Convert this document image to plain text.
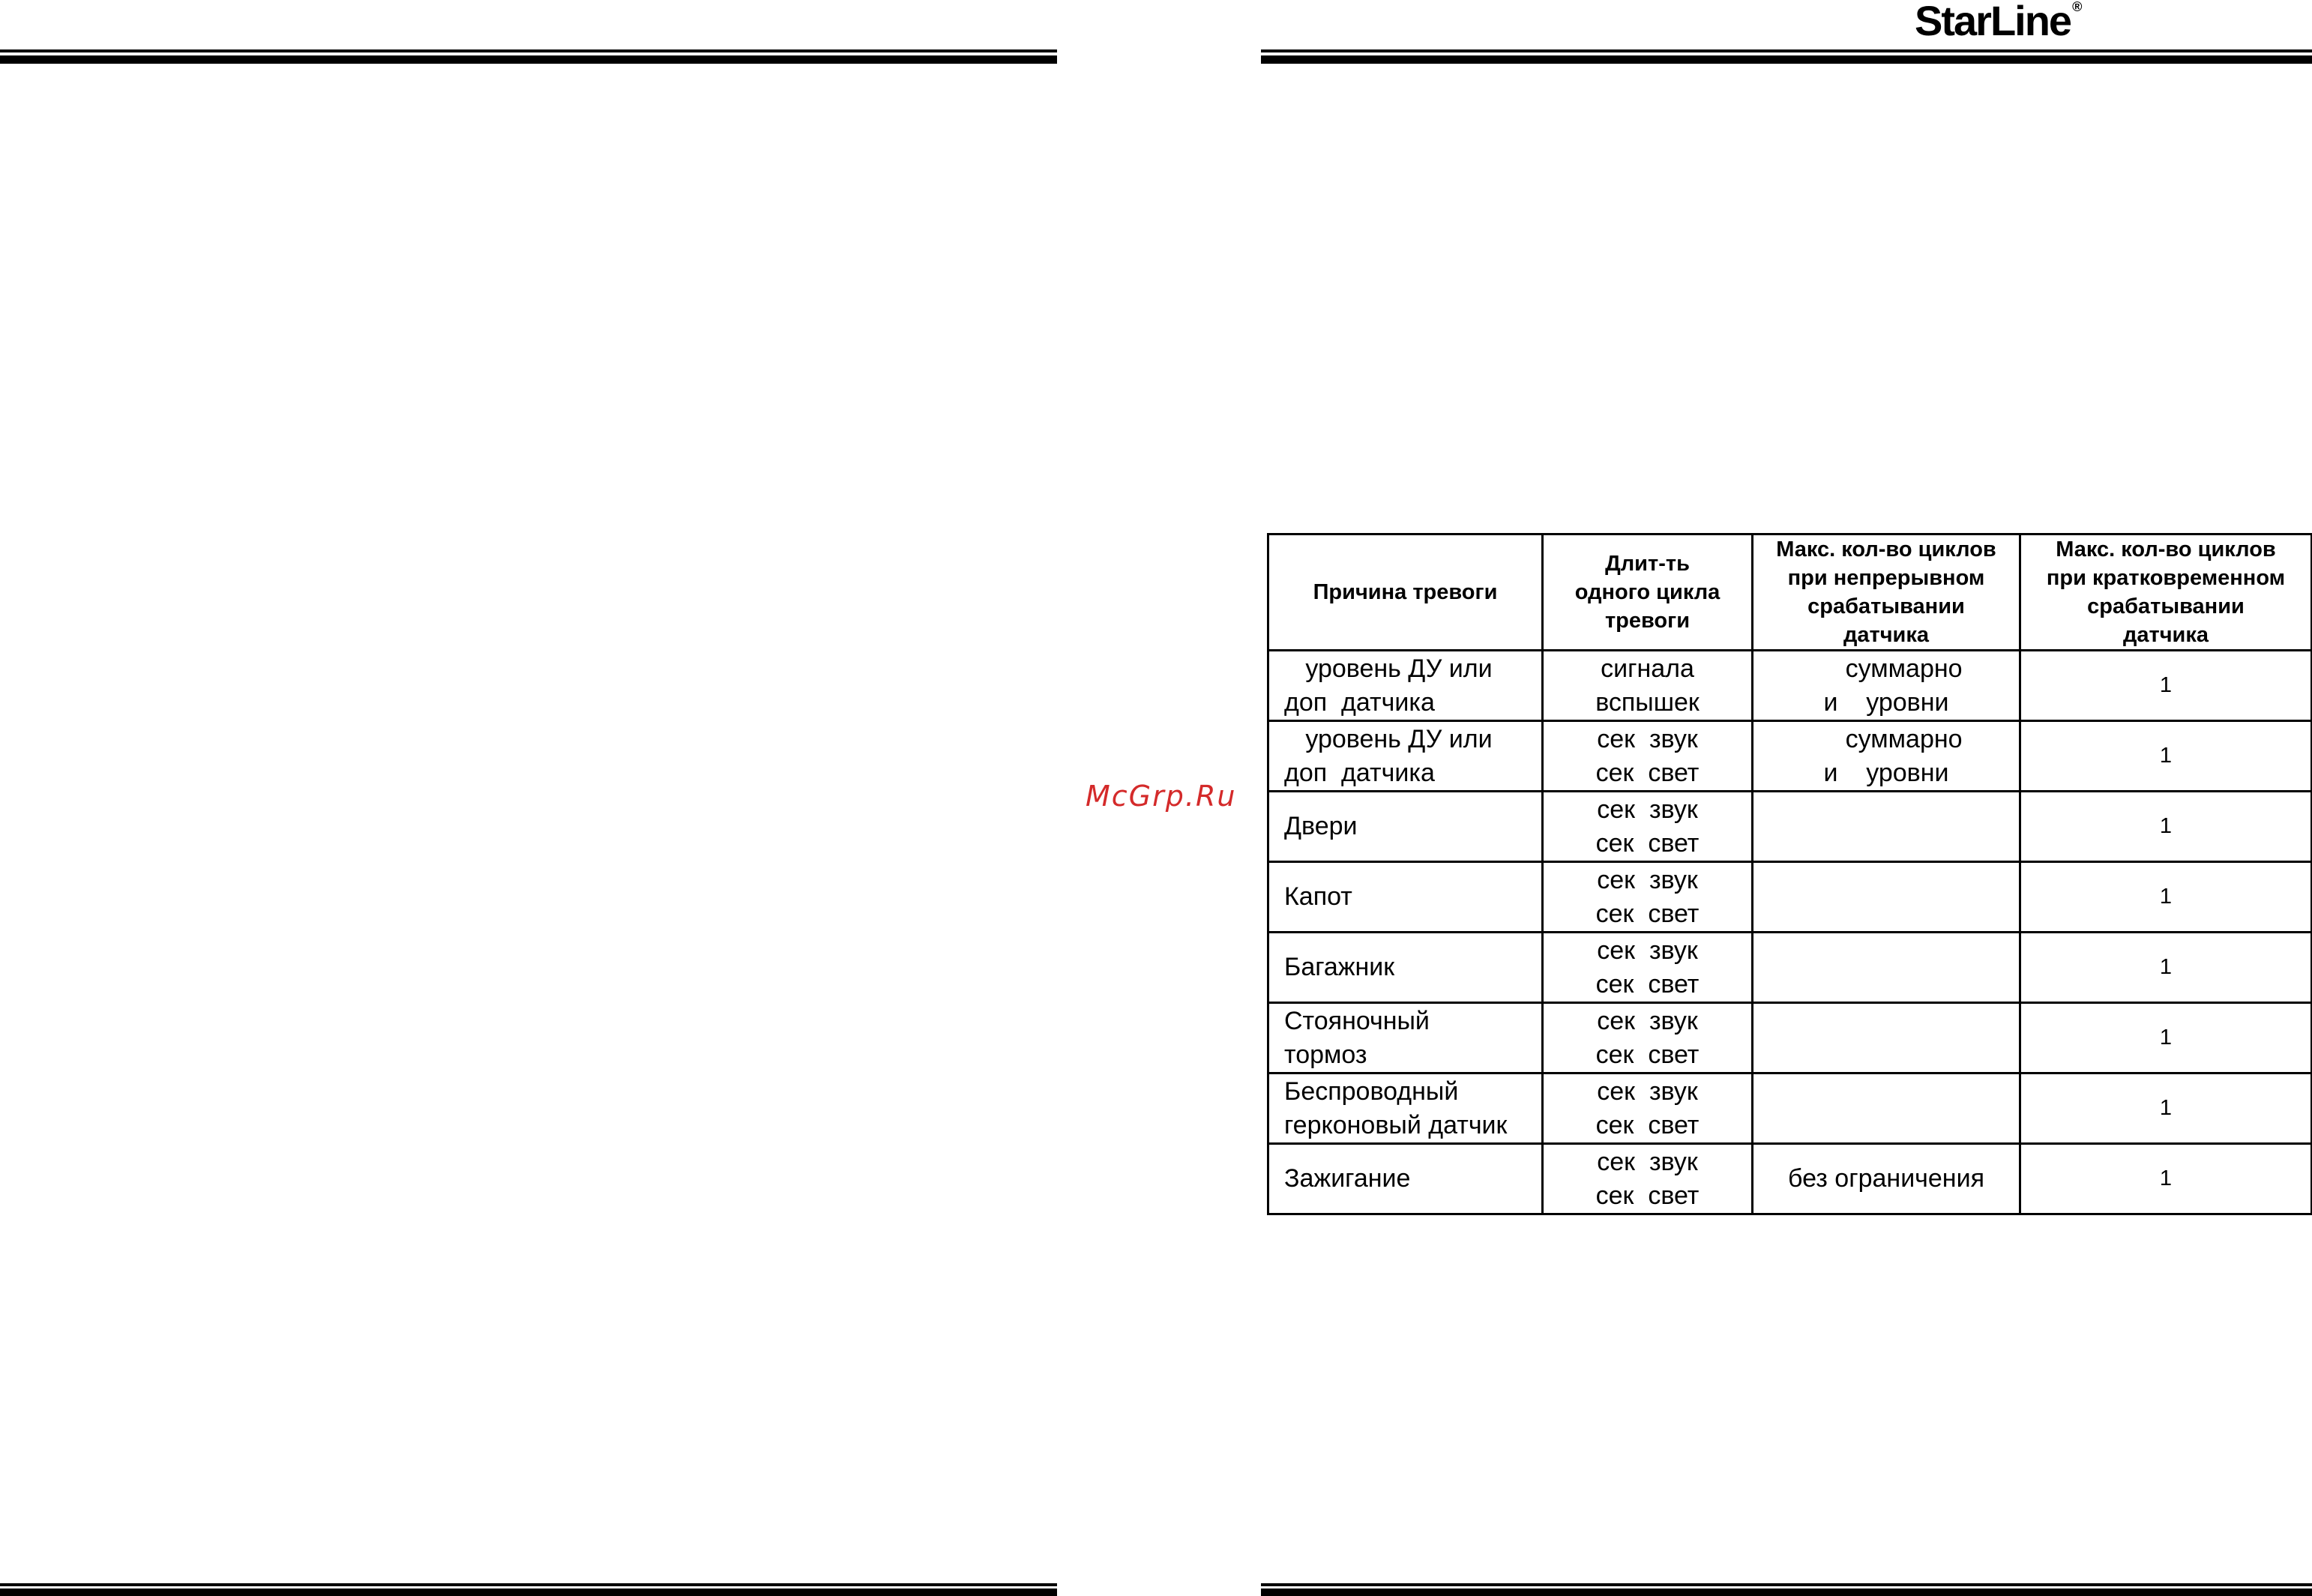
StarLine ®
McGrp.Ru
Причина тревоги	Длит-ть
одного цикла
тревоги	Макс. кол-во циклов
при непрерывном
срабатывании
датчика	Макс. кол-во циклов
при кратковременном
срабатывании
датчика

уровень ДУ или
доп  датчика	сигнала
вспышек	суммарно
и    уровни	1

уровень ДУ или
доп  датчика	сек  звук
сек  свет	суммарно
и    уровни	1

Двери	сек  звук
сек  свет		1

Капот	сек  звук
сек  свет		1

Багажник	сек  звук
сек  свет		1

Стояночный
тормоз	сек  звук
сек  свет		1

Беспроводный
герконовый датчик	сек  звук
сек  свет		1

Зажигание	сек  звук
сек  свет	без ограничения	1
